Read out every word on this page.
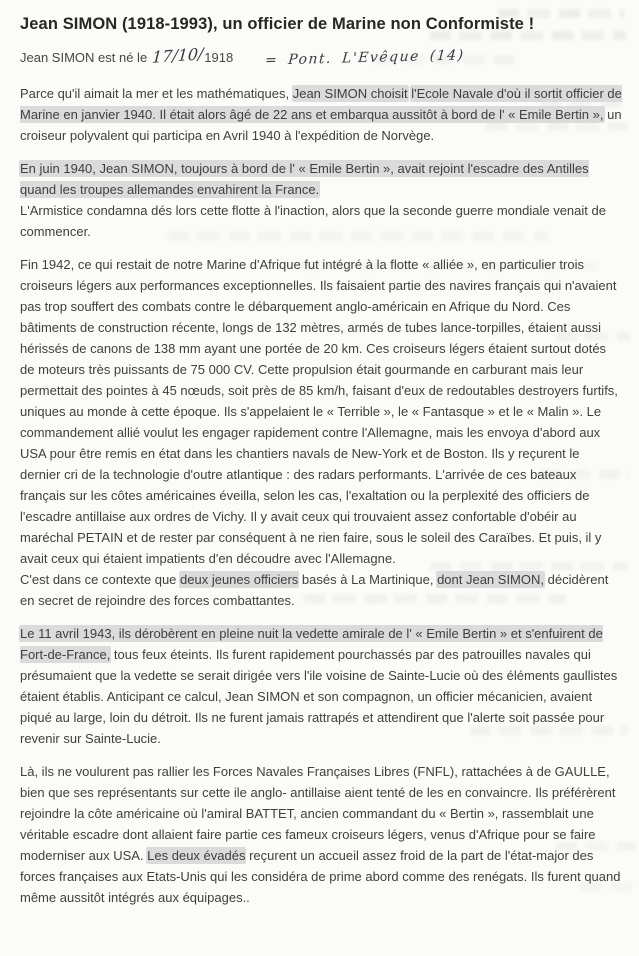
Jean SIMON (1918-1993), un officier de Marine non Conformiste !
Jean SIMON est né le 17/10/1918 = Pont. L'Evêque (14)

Parce qu'il aimait la mer et les mathématiques, Jean SIMON choisit l'Ecole Navale d'où il sortit officier de Marine en janvier 1940. Il était alors âgé de 22 ans et embarqua aussitôt à bord de l' « Emile Bertin », un croiseur polyvalent qui participa en Avril 1940 à l'expédition de Norvège.

En juin 1940, Jean SIMON, toujours à bord de l' « Emile Bertin », avait rejoint l'escadre des Antilles quand les troupes allemandes envahirent la France.

L'Armistice condamna dés lors cette flotte à l'inaction, alors que la seconde guerre mondiale venait de commencer.

Fin 1942, ce qui restait de notre Marine d'Afrique fut intégré à la flotte « alliée », en particulier trois croiseurs légers aux performances exceptionnelles. Ils faisaient partie des navires français qui n'avaient pas trop souffert des combats contre le débarquement anglo-américain en Afrique du Nord. Ces bâtiments de construction récente, longs de 132 mètres, armés de tubes lance-torpilles, étaient aussi hérissés de canons de 138 mm ayant une portée de 20 km. Ces croiseurs légers étaient surtout dotés de moteurs très puissants de 75 000 CV. Cette propulsion était gourmande en carburant mais leur permettait des pointes à 45 nœuds, soit près de 85 km/h, faisant d'eux de redoutables destroyers furtifs, uniques au monde à cette époque. Ils s'appelaient le « Terrible », le « Fantasque » et le « Malin ». Le commandement allié voulut les engager rapidement contre l'Allemagne, mais les envoya d'abord aux USA pour être remis en état dans les chantiers navals de New-York et de Boston. Ils y reçurent le dernier cri de la technologie d'outre atlantique : des radars performants. L'arrivée de ces bateaux français sur les côtes américaines éveilla, selon les cas, l'exaltation ou la perplexité des officiers de l'escadre antillaise aux ordres de Vichy. Il y avait ceux qui trouvaient assez confortable d'obéir au maréchal PETAIN et de rester par conséquent à ne rien faire, sous le soleil des Caraïbes. Et puis, il y avait ceux qui étaient impatients d'en découdre avec l'Allemagne.

C'est dans ce contexte que deux jeunes officiers basés à La Martinique, dont Jean SIMON, décidèrent en secret de rejoindre des forces combattantes.

Le 11 avril 1943, ils dérobèrent en pleine nuit la vedette amirale de l' « Emile Bertin » et s'enfuirent de Fort-de-France, tous feux éteints. Ils furent rapidement pourchassés par des patrouilles navales qui présumaient que la vedette se serait dirigée vers l'ile voisine de Sainte-Lucie où des éléments gaullistes étaient établis. Anticipant ce calcul, Jean SIMON et son compagnon, un officier mécanicien, avaient piqué au large, loin du détroit. Ils ne furent jamais rattrapés et attendirent que l'alerte soit passée pour revenir sur Sainte-Lucie.

Là, ils ne voulurent pas rallier les Forces Navales Françaises Libres (FNFL), rattachées à de GAULLE, bien que ses représentants sur cette ile anglo- antillaise aient tenté de les en convaincre. Ils préférèrent rejoindre la côte américaine où l'amiral BATTET, ancien commandant du « Bertin », rassemblait une véritable escadre dont allaient faire partie ces fameux croiseurs légers, venus d'Afrique pour se faire moderniser aux USA. Les deux évadés reçurent un accueil assez froid de la part de l'état-major des forces françaises aux Etats-Unis qui les considéra de prime abord comme des renégats. Ils furent quand même aussitôt intégrés aux équipages..
